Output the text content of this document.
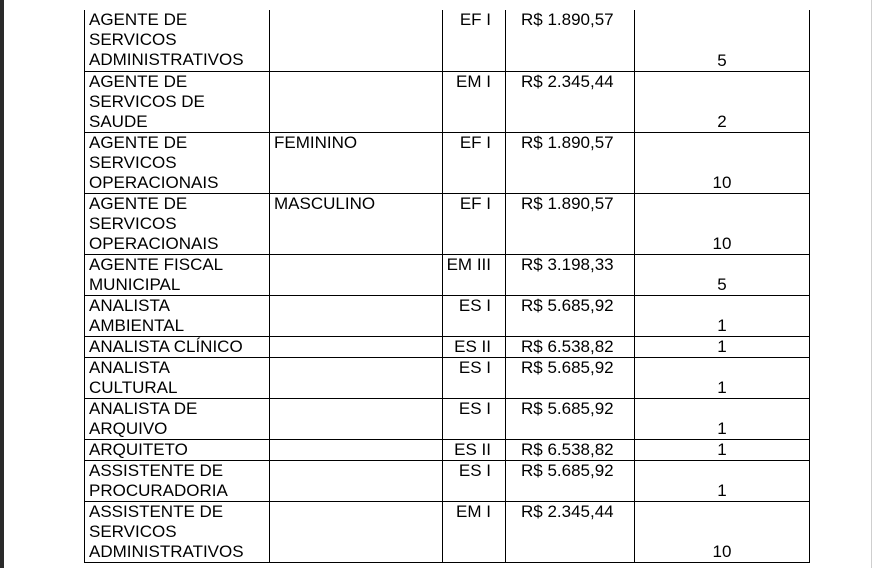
AGENTE DE
SERVICOS
ADMINISTRATIVOS		EF I	R$ 1.890,57	5
AGENTE DE
SERVICOS DE
SAUDE		EM I	R$ 2.345,44	2
AGENTE DE
SERVICOS
OPERACIONAIS	FEMININO	EF I	R$ 1.890,57	10
AGENTE DE
SERVICOS
OPERACIONAIS	MASCULINO	EF I	R$ 1.890,57	10
AGENTE FISCAL
MUNICIPAL		EM III	R$ 3.198,33	5
ANALISTA
AMBIENTAL		ES I	R$ 5.685,92	1
ANALISTA CLÍNICO		ES II	R$ 6.538,82	1
ANALISTA
CULTURAL		ES I	R$ 5.685,92	1
ANALISTA DE
ARQUIVO		ES I	R$ 5.685,92	1
ARQUITETO		ES II	R$ 6.538,82	1
ASSISTENTE DE
PROCURADORIA		ES I	R$ 5.685,92	1
ASSISTENTE DE
SERVICOS
ADMINISTRATIVOS		EM I	R$ 2.345,44	10
